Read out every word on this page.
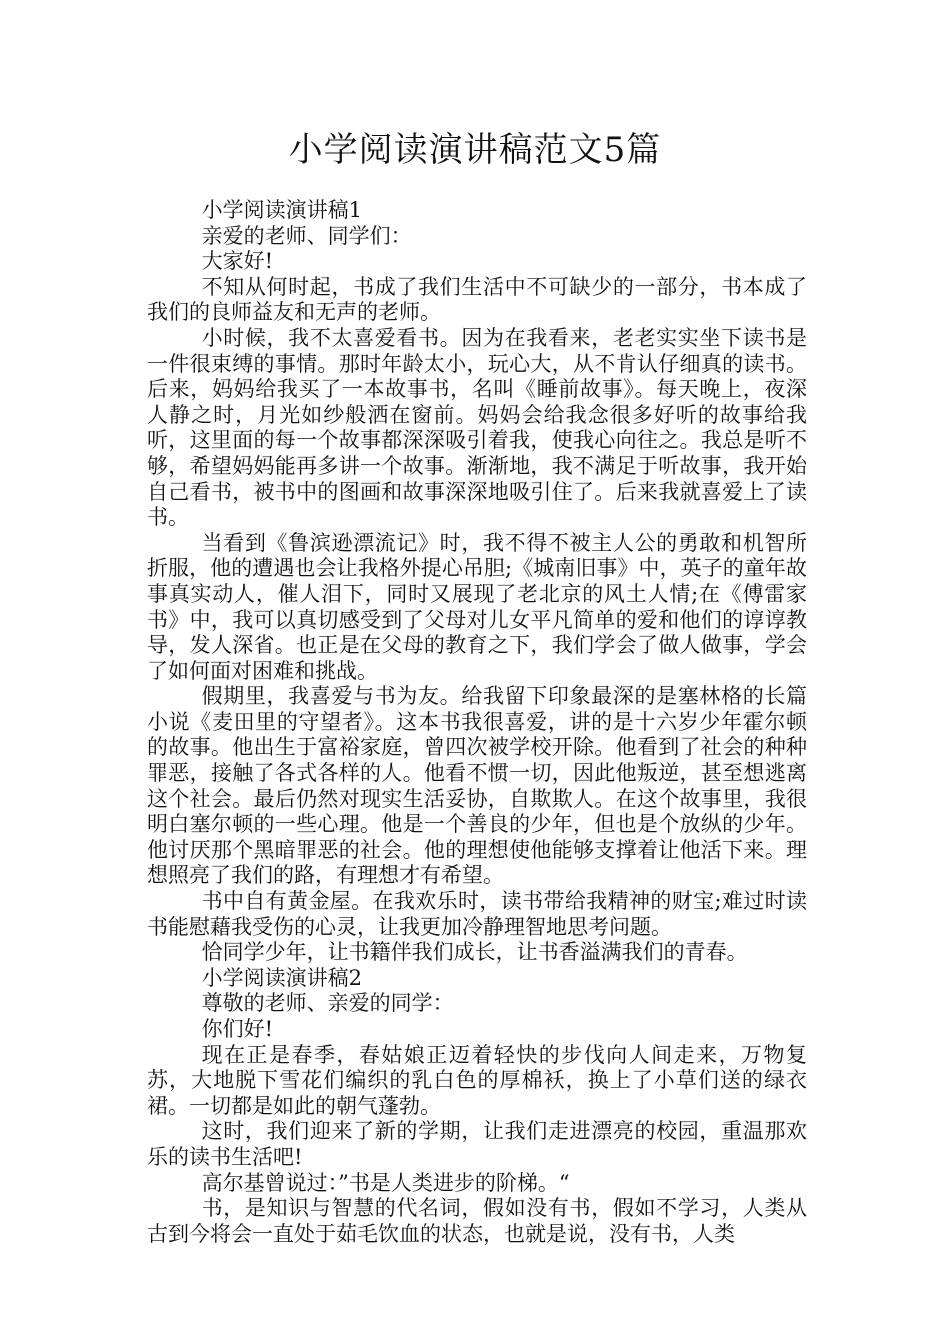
小学阅读演讲稿范文5篇

小学阅读演讲稿1

亲爱的老师、同学们：

大家好!

不知从何时起，书成了我们生活中不可缺少的一部分，书本成了我们的良师益友和无声的老师。

小时候，我不太喜爱看书。因为在我看来，老老实实坐下读书是一件很束缚的事情。那时年龄太小，玩心大，从不肯认仔细真的读书。后来，妈妈给我买了一本故事书，名叫《睡前故事》。每天晚上，夜深人静之时，月光如纱般洒在窗前。妈妈会给我念很多好听的故事给我听，这里面的每一个故事都深深吸引着我，使我心向往之。我总是听不够，希望妈妈能再多讲一个故事。渐渐地，我不满足于听故事，我开始自己看书，被书中的图画和故事深深地吸引住了。后来我就喜爱上了读书。

当看到《鲁滨逊漂流记》时，我不得不被主人公的勇敢和机智所折服，他的遭遇也会让我格外提心吊胆;《城南旧事》中，英子的童年故事真实动人，催人泪下，同时又展现了老北京的风土人情;在《傅雷家书》中，我可以真切感受到了父母对儿女平凡简单的爱和他们的谆谆教导，发人深省。也正是在父母的教育之下，我们学会了做人做事，学会了如何面对困难和挑战。

假期里，我喜爱与书为友。给我留下印象最深的是塞林格的长篇小说《麦田里的守望者》。这本书我很喜爱，讲的是十六岁少年霍尔顿的故事。他出生于富裕家庭，曾四次被学校开除。他看到了社会的种种罪恶，接触了各式各样的人。他看不惯一切，因此他叛逆，甚至想逃离这个社会。最后仍然对现实生活妥协，自欺欺人。在这个故事里，我很明白塞尔顿的一些心理。他是一个善良的少年，但也是个放纵的少年。他讨厌那个黑暗罪恶的社会。他的理想使他能够支撑着让他活下来。理想照亮了我们的路，有理想才有希望。

书中自有黄金屋。在我欢乐时，读书带给我精神的财宝;难过时读书能慰藉我受伤的心灵，让我更加冷静理智地思考问题。

恰同学少年，让书籍伴我们成长，让书香溢满我们的青春。

小学阅读演讲稿2

尊敬的老师、亲爱的同学：

你们好!

现在正是春季，春姑娘正迈着轻快的步伐向人间走来，万物复苏，大地脱下雪花们编织的乳白色的厚棉袄，换上了小草们送的绿衣裙。一切都是如此的朝气蓬勃。

这时，我们迎来了新的学期，让我们走进漂亮的校园，重温那欢乐的读书生活吧!

高尔基曾说过：”书是人类进步的阶梯。“

书，是知识与智慧的代名词，假如没有书，假如不学习，人类从古到今将会一直处于茹毛饮血的状态，也就是说，没有书，人类
